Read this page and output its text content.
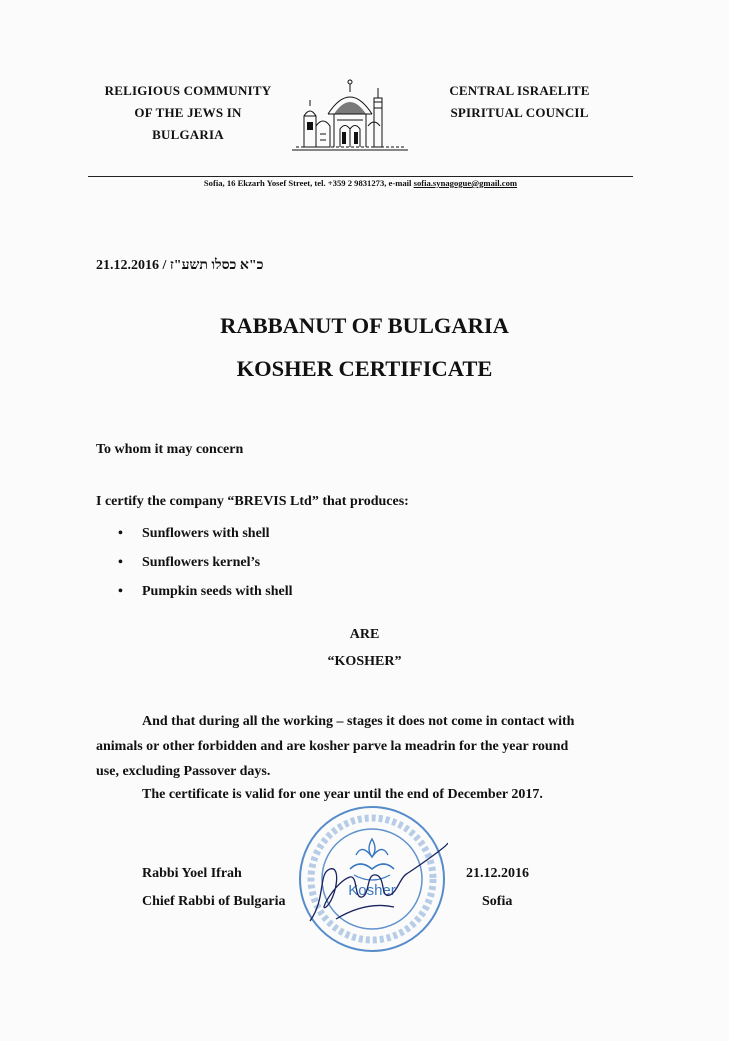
RELIGIOUS COMMUNITY
OF THE JEWS IN
BULGARIA
CENTRAL ISRAELITE
SPIRITUAL COUNCIL
Sofia, 16 Ekzarh Yosef Street, tel. +359 2 9831273, e-mail sofia.synagogue@gmail.com
21.12.2016 / כ"א כסלו תשע"ז
RABBANUT OF BULGARIA
KOSHER CERTIFICATE
To whom it may concern
I certify the company “BREVIS Ltd” that produces:
• Sunflowers with shell
• Sunflowers kernel’s
• Pumpkin seeds with shell
ARE
“KOSHER”
And that during all the working – stages it does not come in contact with
animals or other forbidden and are kosher parve la meadrin for the year round
use, excluding Passover days.
The certificate is valid for one year until the end of December 2017.
Rabbi Yoel Ifrah
Chief Rabbi of Bulgaria
21.12.2016
Sofia
Kosher
